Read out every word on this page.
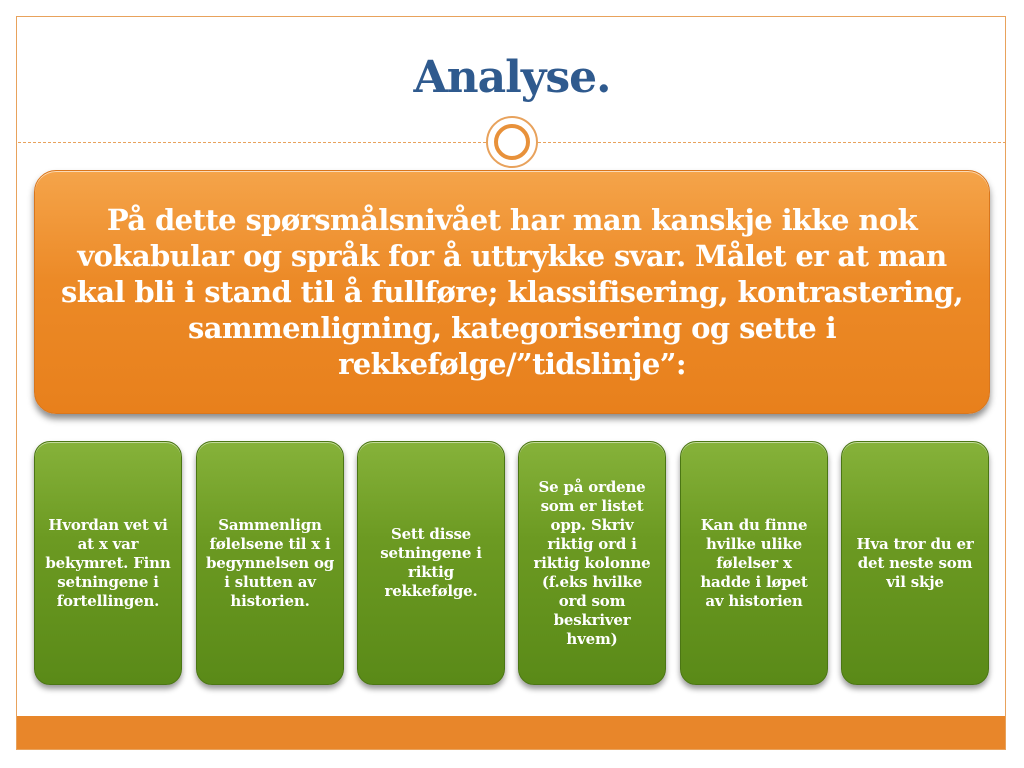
Analyse.
På dette spørsmålsnivået har man kanskje ikke nok vokabular og språk for å uttrykke svar. Målet er at man skal bli i stand til å fullføre; klassifisering, kontrastering, sammenligning, kategorisering og sette i rekkefølge/”tidslinje”:
Hvordan vet vi at x var bekymret. Finn setningene i fortellingen.
Sammenlign følelsene til x i begynnelsen og i slutten av historien.
Sett disse setningene i riktig rekkefølge.
Se på ordene som er listet opp. Skriv riktig ord i riktig kolonne (f.eks hvilke ord som beskriver hvem)
Kan du finne hvilke ulike følelser x hadde i løpet av historien
Hva tror du er det neste som vil skje
